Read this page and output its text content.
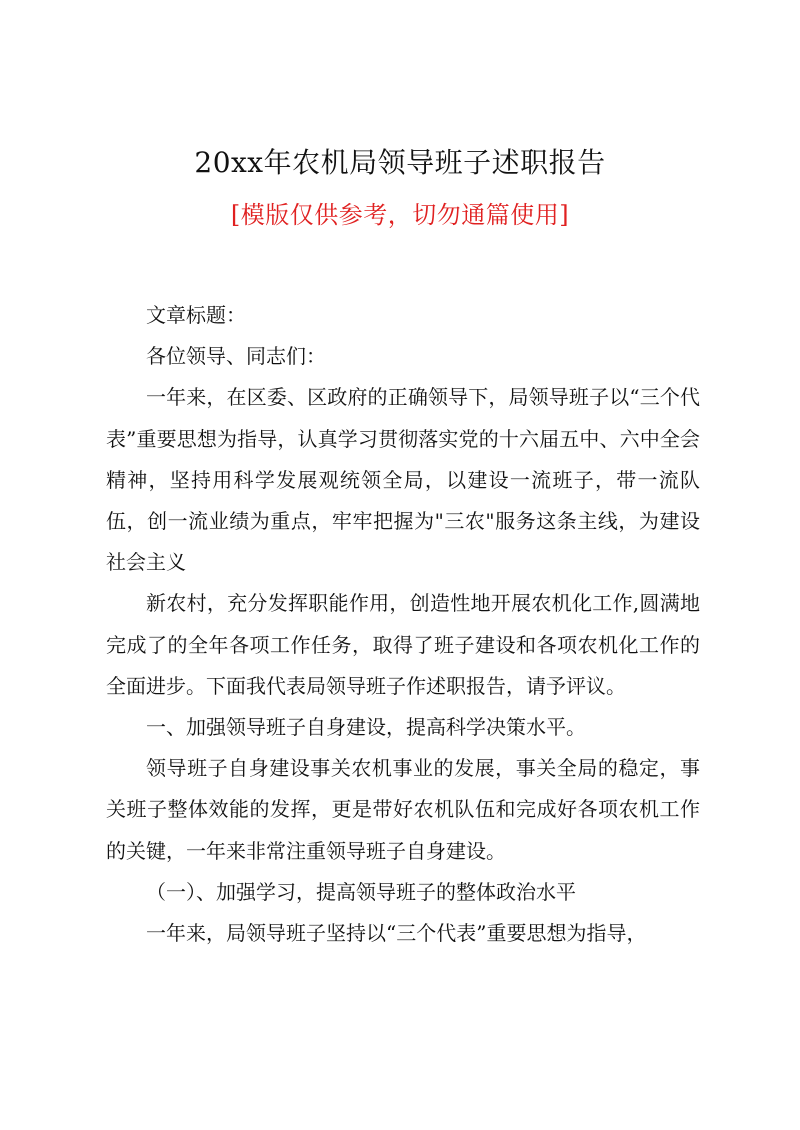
20xx年农机局领导班子述职报告
[模版仅供参考，切勿通篇使用]

文章标题：

各位领导、同志们：

一年来，在区委、区政府的正确领导下，局领导班子以“三个代表”重要思想为指导，认真学习贯彻落实党的十六届五中、六中全会精神，坚持用科学发展观统领全局，以建设一流班子，带一流队伍，创一流业绩为重点，牢牢把握为"三农"服务这条主线，为建设社会主义

新农村，充分发挥职能作用，创造性地开展农机化工作,圆满地完成了的全年各项工作任务，取得了班子建设和各项农机化工作的全面进步。下面我代表局领导班子作述职报告，请予评议。

一、加强领导班子自身建设，提高科学决策水平。

领导班子自身建设事关农机事业的发展，事关全局的稳定，事关班子整体效能的发挥，更是带好农机队伍和完成好各项农机工作的关键，一年来非常注重领导班子自身建设。

（一）、加强学习，提高领导班子的整体政治水平

一年来，局领导班子坚持以“三个代表”重要思想为指导，
